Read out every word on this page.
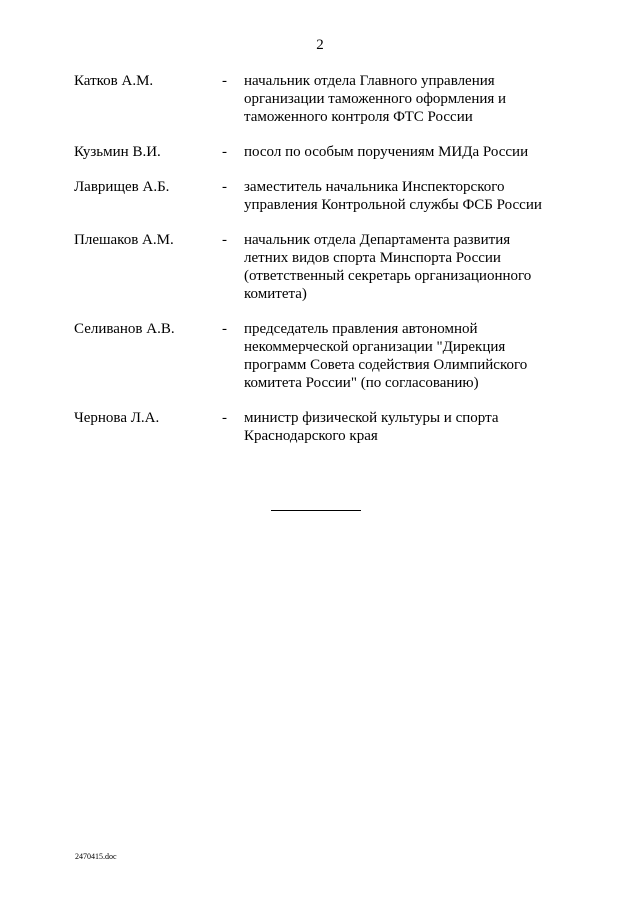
2
Катков А.М.	-	начальник отдела Главного управления
организации таможенного оформления и
таможенного контроля ФТС России
Кузьмин В.И.	-	посол по особым поручениям МИДа России
Лаврищев А.Б.	-	заместитель начальника Инспекторского
управления Контрольной службы ФСБ России
Плешаков А.М.	-	начальник отдела Департамента развития
летних видов спорта Минспорта России
(ответственный секретарь организационного
комитета)
Селиванов А.В.	-	председатель правления автономной
некоммерческой организации "Дирекция
программ Совета содействия Олимпийского
комитета России" (по согласованию)
Чернова Л.А.	-	министр физической культуры и спорта
Краснодарского края
2470415.doc
